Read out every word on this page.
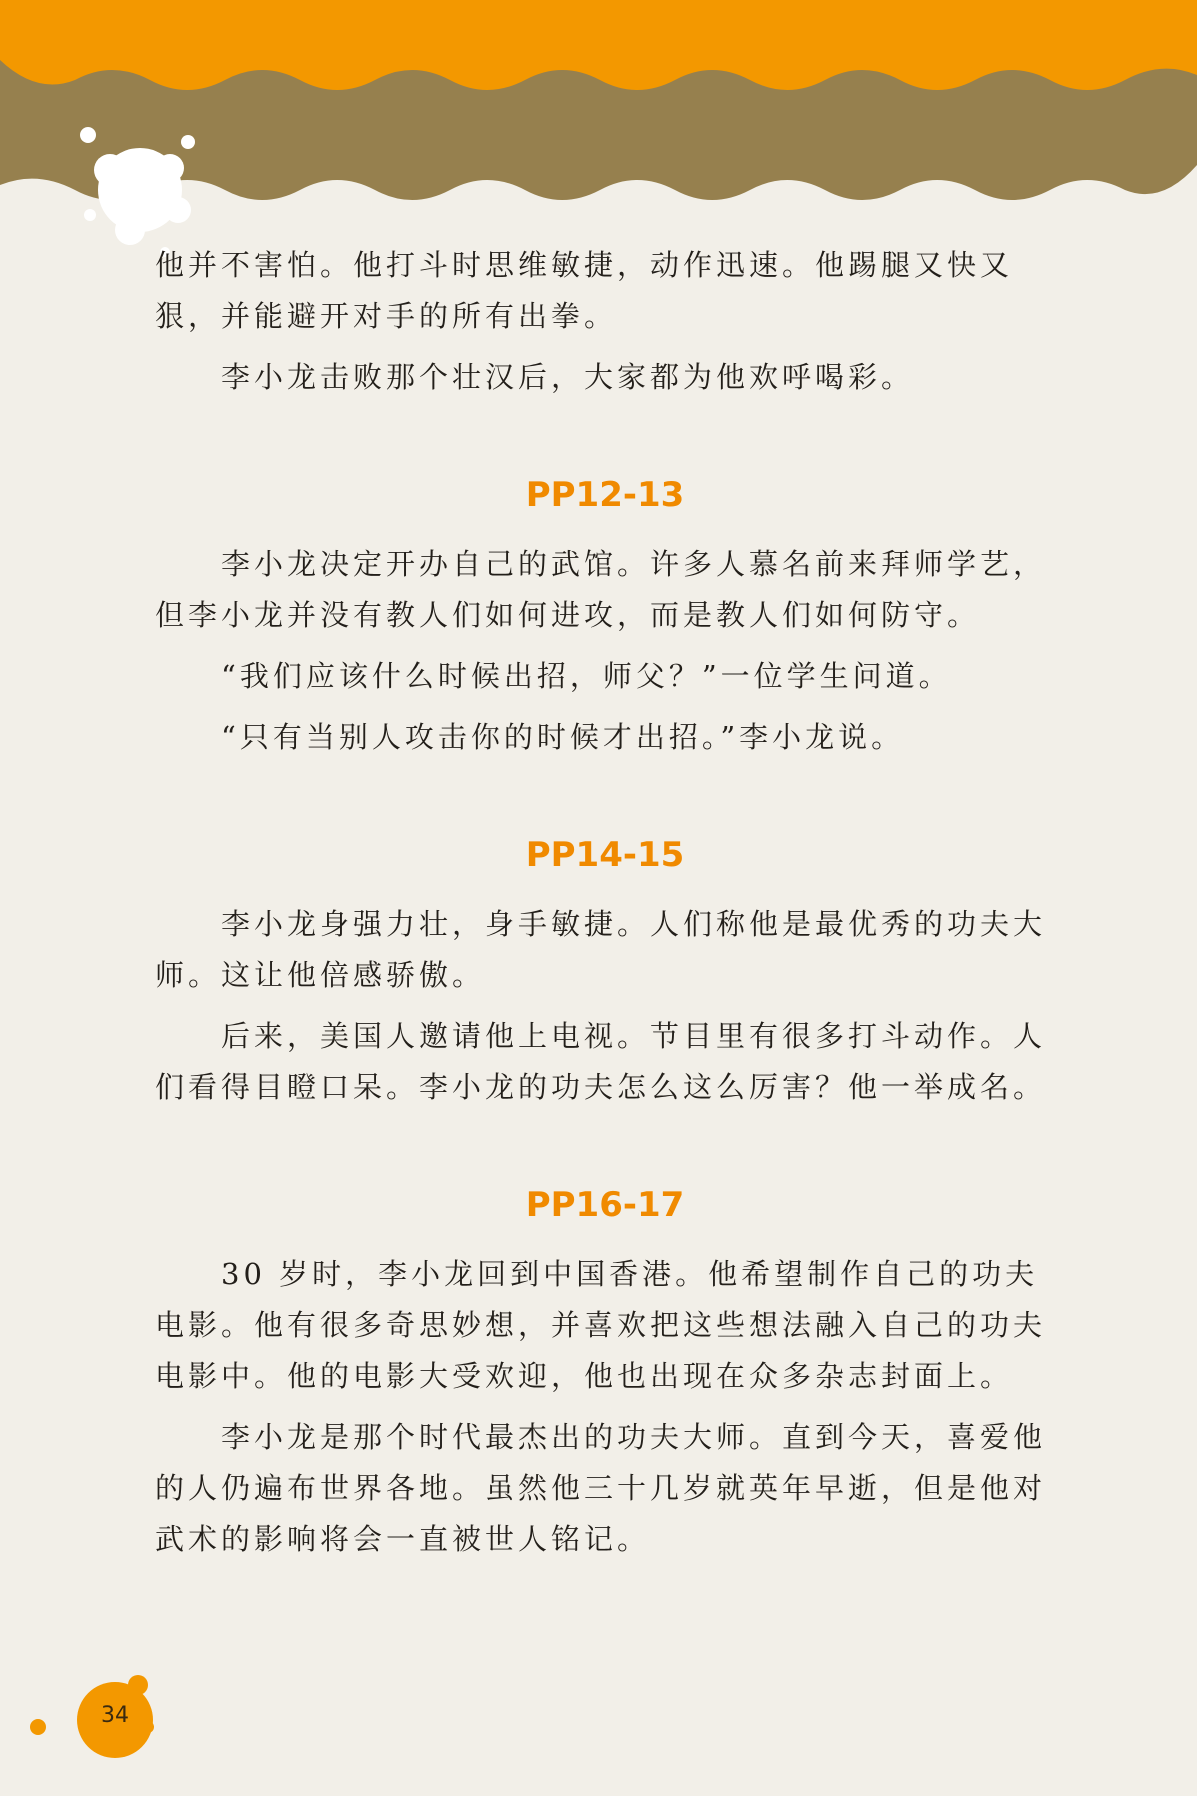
他并不害怕。他打斗时思维敏捷，动作迅速。他踢腿又快又狠，并能避开对手的所有出拳。

李小龙击败那个壮汉后，大家都为他欢呼喝彩。

PP12-13

李小龙决定开办自己的武馆。许多人慕名前来拜师学艺，但李小龙并没有教人们如何进攻，而是教人们如何防守。

“我们应该什么时候出招，师父？”一位学生问道。

“只有当别人攻击你的时候才出招。”李小龙说。

PP14-15

李小龙身强力壮，身手敏捷。人们称他是最优秀的功夫大师。这让他倍感骄傲。

后来，美国人邀请他上电视。节目里有很多打斗动作。人们看得目瞪口呆。李小龙的功夫怎么这么厉害？他一举成名。

PP16-17

30 岁时，李小龙回到中国香港。他希望制作自己的功夫电影。他有很多奇思妙想，并喜欢把这些想法融入自己的功夫电影中。他的电影大受欢迎，他也出现在众多杂志封面上。

李小龙是那个时代最杰出的功夫大师。直到今天，喜爱他的人仍遍布世界各地。虽然他三十几岁就英年早逝，但是他对武术的影响将会一直被世人铭记。

34
